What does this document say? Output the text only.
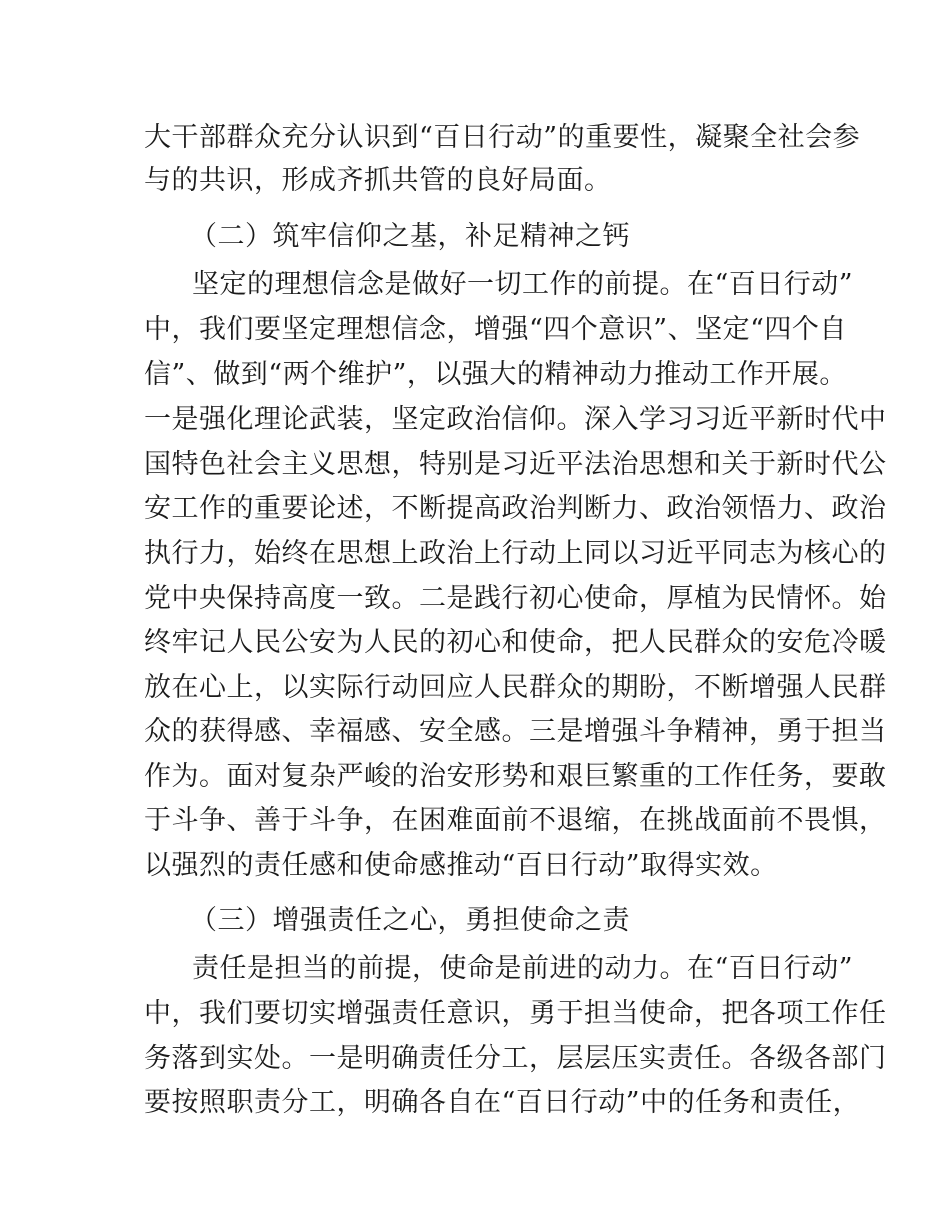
大干部群众充分认识到“百日行动”的重要性，凝聚全社会参
与的共识，形成齐抓共管的良好局面。
（二）筑牢信仰之基，补足精神之钙
坚定的理想信念是做好一切工作的前提。在“百日行动”
中，我们要坚定理想信念，增强“四个意识”、坚定“四个自
信”、做到“两个维护”，以强大的精神动力推动工作开展。
一是强化理论武装，坚定政治信仰。深入学习习近平新时代中
国特色社会主义思想，特别是习近平法治思想和关于新时代公
安工作的重要论述，不断提高政治判断力、政治领悟力、政治
执行力，始终在思想上政治上行动上同以习近平同志为核心的
党中央保持高度一致。二是践行初心使命，厚植为民情怀。始
终牢记人民公安为人民的初心和使命，把人民群众的安危冷暖
放在心上，以实际行动回应人民群众的期盼，不断增强人民群
众的获得感、幸福感、安全感。三是增强斗争精神，勇于担当
作为。面对复杂严峻的治安形势和艰巨繁重的工作任务，要敢
于斗争、善于斗争，在困难面前不退缩，在挑战面前不畏惧，
以强烈的责任感和使命感推动“百日行动”取得实效。
（三）增强责任之心，勇担使命之责
责任是担当的前提，使命是前进的动力。在“百日行动”
中，我们要切实增强责任意识，勇于担当使命，把各项工作任
务落到实处。一是明确责任分工，层层压实责任。各级各部门
要按照职责分工，明确各自在“百日行动”中的任务和责任，
